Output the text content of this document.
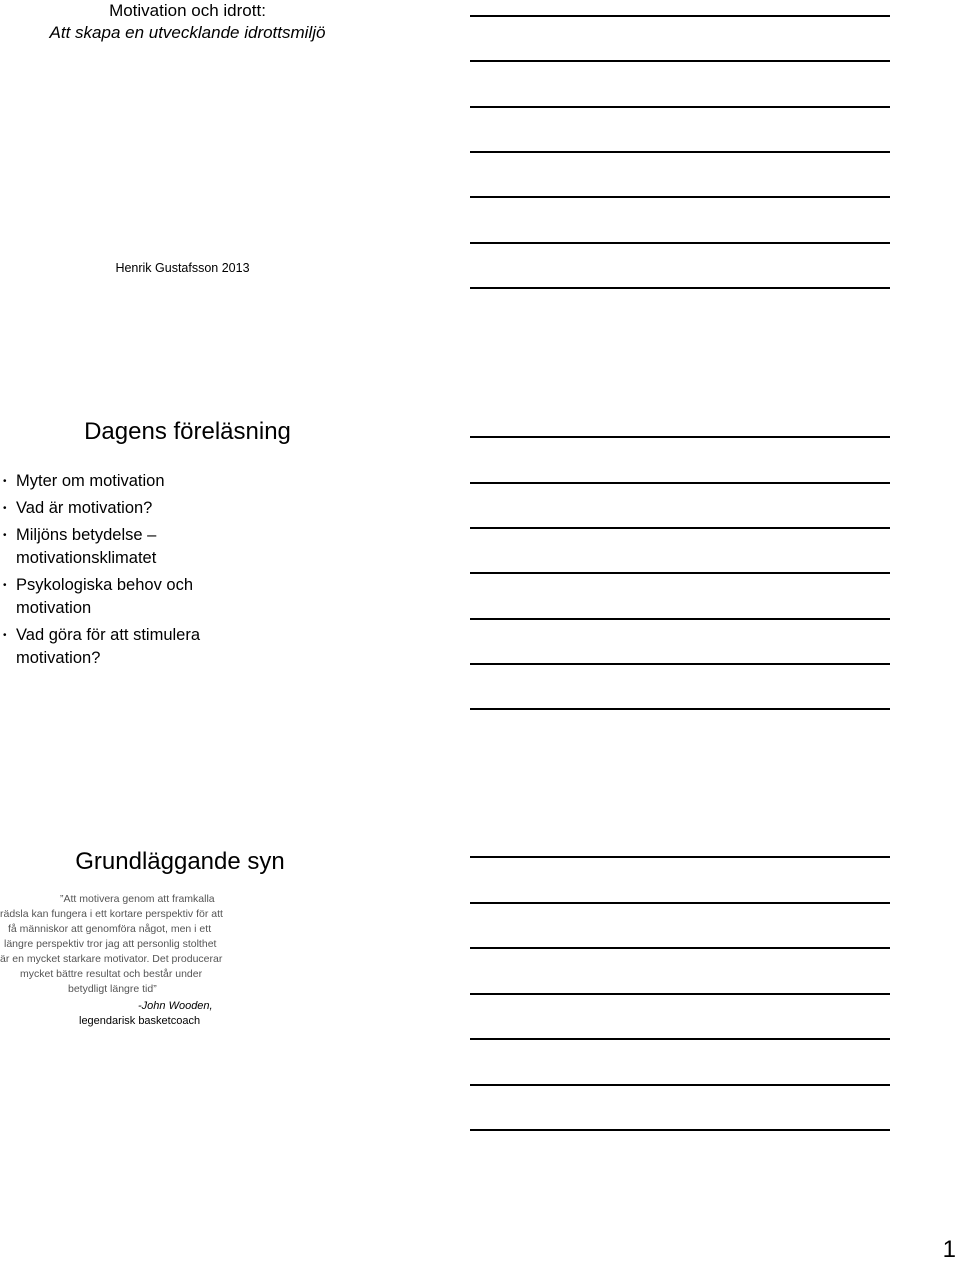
Motivation och idrott:
Att skapa en utvecklande idrottsmiljö
Henrik Gustafsson 2013
Dagens föreläsning
• Myter om motivation
• Vad är motivation?
• Miljöns betydelse – motivationsklimatet
• Psykologiska behov och motivation
• Vad göra för att stimulera motivation?
Grundläggande syn
”Att motivera genom att framkalla
rädsla kan fungera i ett kortare perspektiv för att
få människor att genomföra något, men i ett
längre perspektiv tror jag att personlig stolthet
är en mycket starkare motivator. Det producerar
mycket bättre resultat och består under
betydligt längre tid”
-John Wooden,
legendarisk basketcoach
1
